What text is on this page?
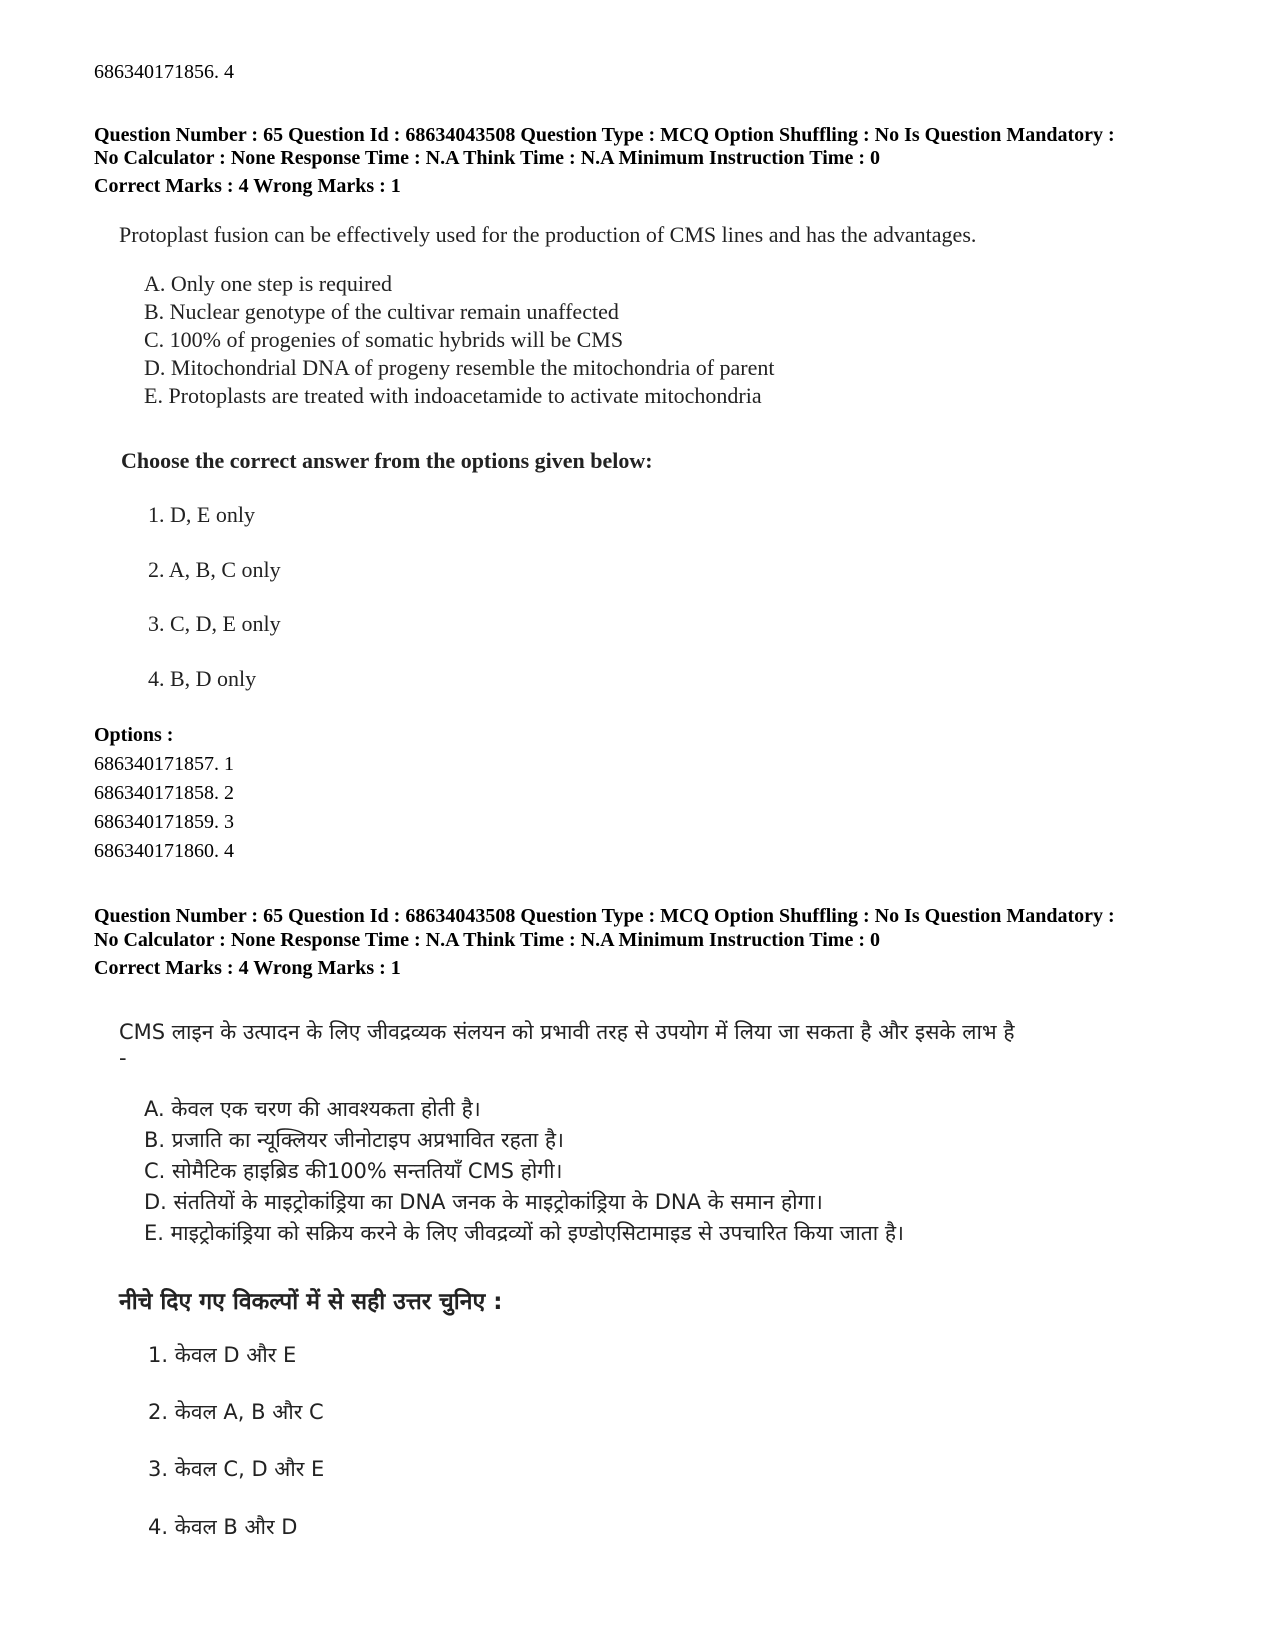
686340171856. 4
Question Number : 65 Question Id : 68634043508 Question Type : MCQ Option Shuffling : No Is Question Mandatory :
No Calculator : None Response Time : N.A Think Time : N.A Minimum Instruction Time : 0
Correct Marks : 4 Wrong Marks : 1
Protoplast fusion can be effectively used for the production of CMS lines and has the advantages.
A. Only one step is required
B. Nuclear genotype of the cultivar remain unaffected
C. 100% of progenies of somatic hybrids will be CMS
D. Mitochondrial DNA of progeny resemble the mitochondria of parent
E. Protoplasts are treated with indoacetamide to activate mitochondria
Choose the correct answer from the options given below:
1. D, E only
2. A, B, C only
3. C, D, E only
4. B, D only
Options :
686340171857. 1
686340171858. 2
686340171859. 3
686340171860. 4
Question Number : 65 Question Id : 68634043508 Question Type : MCQ Option Shuffling : No Is Question Mandatory :
No Calculator : None Response Time : N.A Think Time : N.A Minimum Instruction Time : 0
Correct Marks : 4 Wrong Marks : 1
CMS लाइन के उत्पादन के लिए जीवद्रव्यक संलयन को प्रभावी तरह से उपयोग में लिया जा सकता है और इसके लाभ है
-
A. केवल एक चरण की आवश्यकता होती है।
B. प्रजाति का न्यूक्लियर जीनोटाइप अप्रभावित रहता है।
C. सोमैटिक हाइब्रिड की100% सन्ततियाँ CMS होगी।
D. संततियों के माइट्रोकांड्रिया का DNA जनक के माइट्रोकांड्रिया के DNA के समान होगा।
E. माइट्रोकांड्रिया को सक्रिय करने के लिए जीवद्रव्यों को इण्डोएसिटामाइड से उपचारित किया जाता है।
नीचे दिए गए विकल्पों में से सही उत्तर चुनिए :
1. केवल D और E
2. केवल A, B और C
3. केवल C, D और E
4. केवल B और D
